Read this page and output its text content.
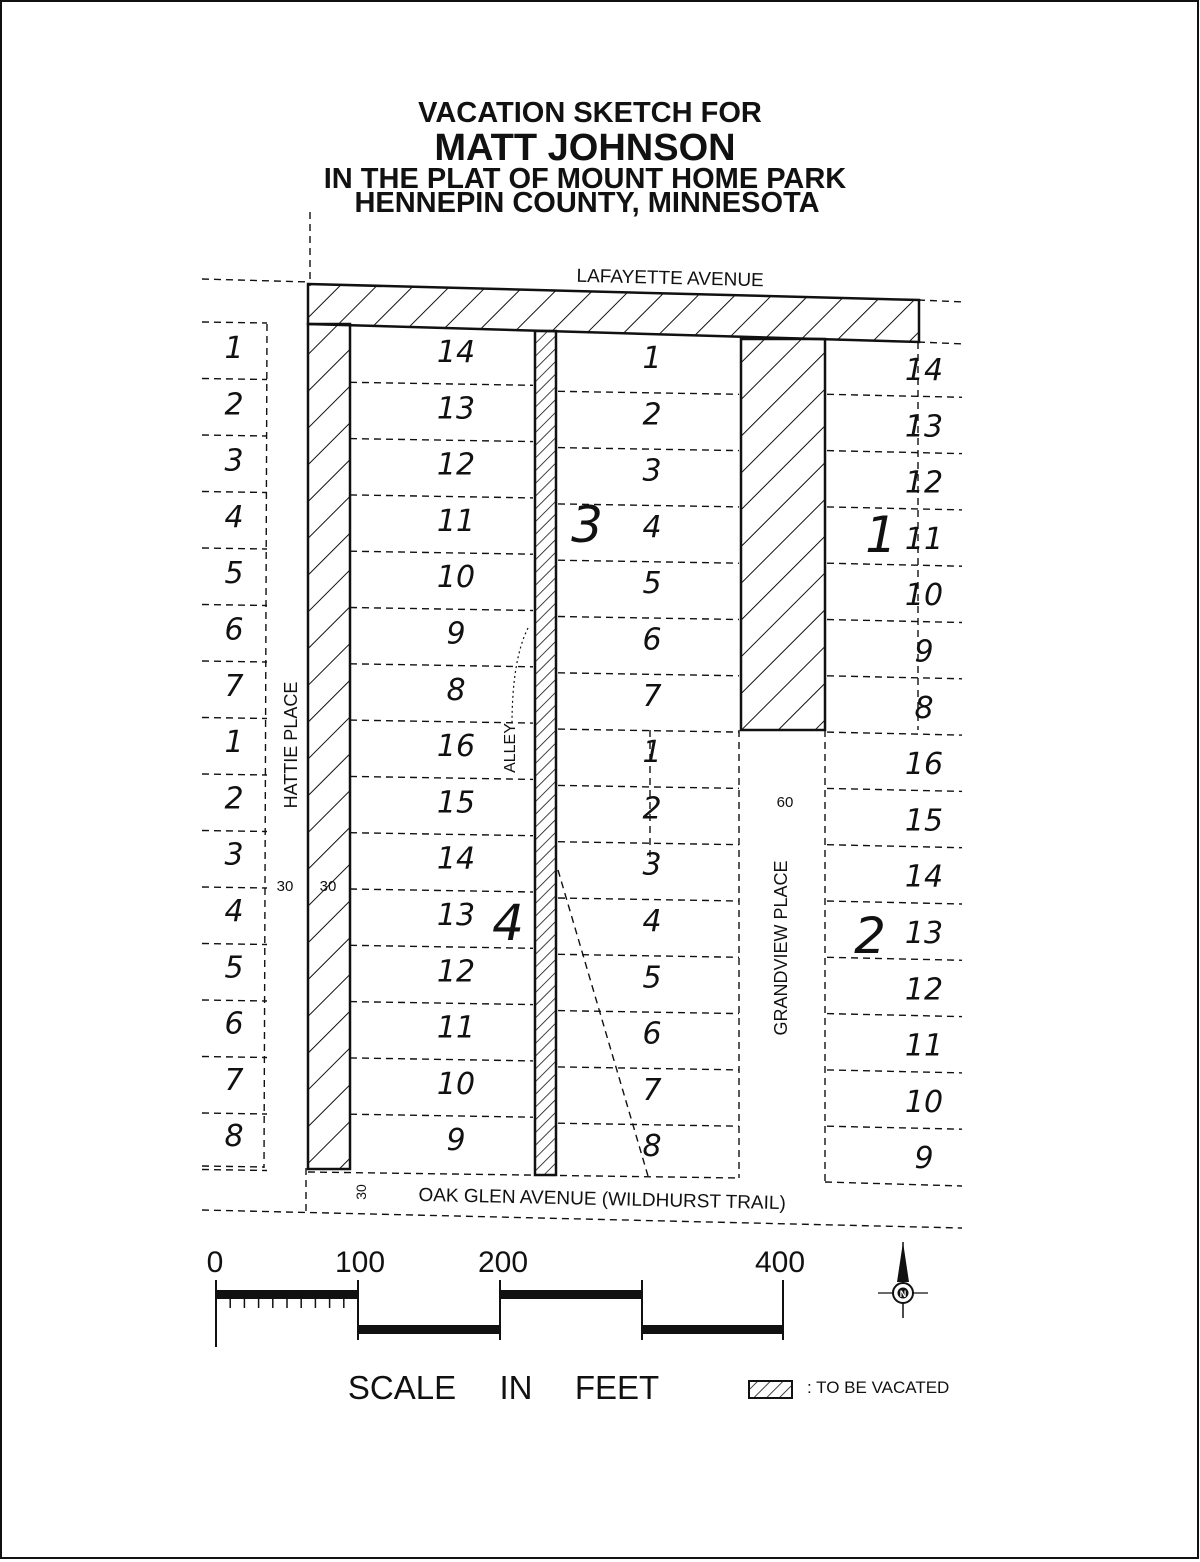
VACATION SKETCH FOR
MATT JOHNSON
IN THE PLAT OF MOUNT HOME PARK
HENNEPIN COUNTY, MINNESOTA
LAFAYETTE AVENUE
OAK GLEN AVENUE (WILDHURST TRAIL)
HATTIE PLACE	ALLEY
GRANDVIEW PLACE
30 30
30
60
1
2
3
4
1
2
3
4
5
6
7
1
2
3
4
5
6
7
8
14
13
12
11
10
9
8
16
15
14
13
12
11
10
9
1
2
3
4
5
6
7
1
2
3
4
5
6
7
8
14
13
12
11
10
9
8
16
15
14
13
12
11
10
9
0	100	200	400
SCALE IN FEET
N
: TO BE VACATED
